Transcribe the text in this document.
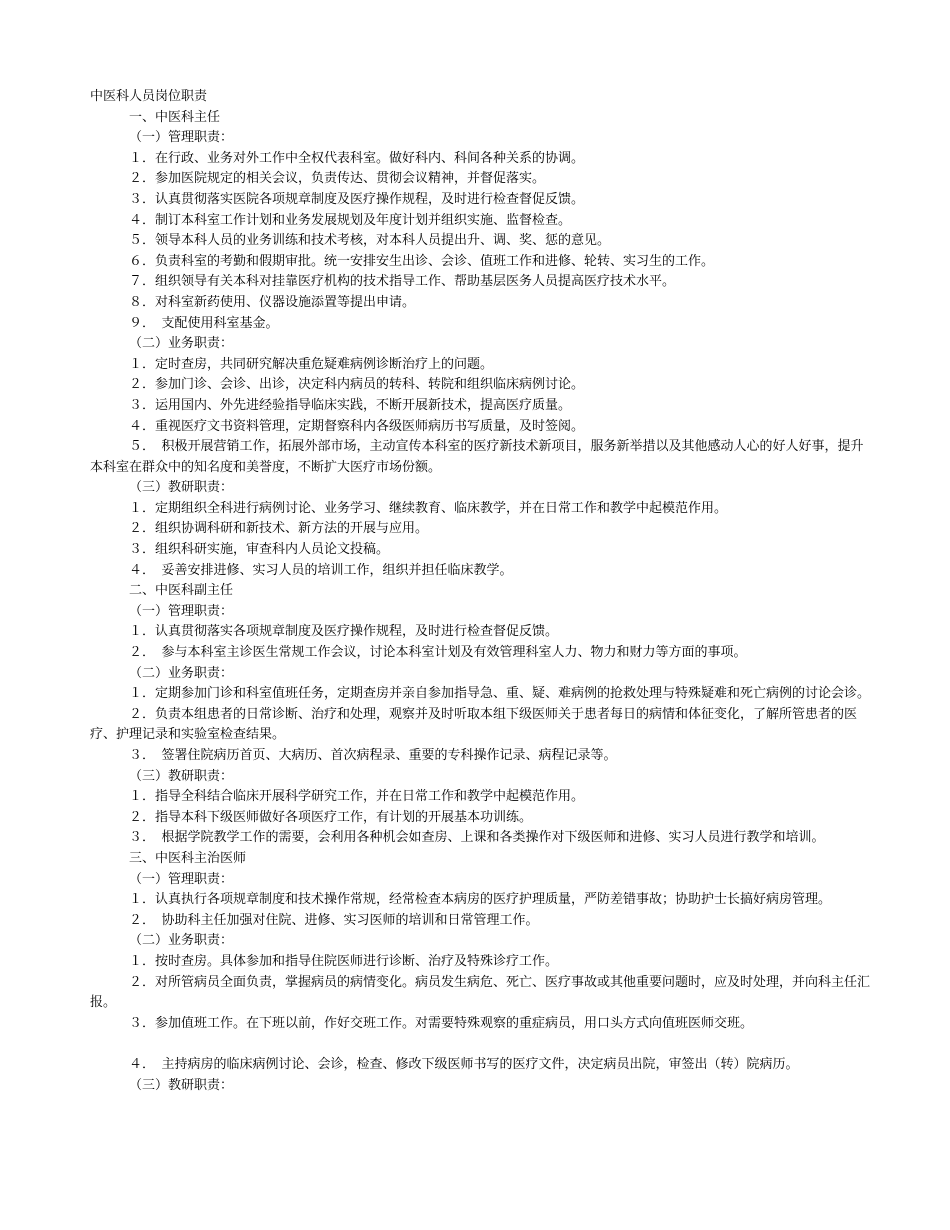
中医科人员岗位职责

一、中医科主任

（一）管理职责：

１．在行政、业务对外工作中全权代表科室。做好科内、科间各种关系的协调。

２．参加医院规定的相关会议，负责传达、贯彻会议精神，并督促落实。

３．认真贯彻落实医院各项规章制度及医疗操作规程，及时进行检查督促反馈。

４．制订本科室工作计划和业务发展规划及年度计划并组织实施、监督检查。

５．领导本科人员的业务训练和技术考核，对本科人员提出升、调、奖、惩的意见。

６．负责科室的考勤和假期审批。统一安排安生出诊、会诊、值班工作和进修、轮转、实习生的工作。

７．组织领导有关本科对挂靠医疗机构的技术指导工作、帮助基层医务人员提高医疗技术水平。

８．对科室新药使用、仪器设施添置等提出申请。

９．　支配使用科室基金。

（二）业务职责：

１．定时查房，共同研究解决重危疑难病例诊断治疗上的问题。

２．参加门诊、会诊、出诊，决定科内病员的转科、转院和组织临床病例讨论。

３．运用国内、外先进经验指导临床实践，不断开展新技术，提高医疗质量。

４．重视医疗文书资料管理，定期督察科内各级医师病历书写质量，及时签阅。

５．　积极开展营销工作，拓展外部市场，主动宣传本科室的医疗新技术新项目，服务新举措以及其他感动人心的好人好事，提升本科室在群众中的知名度和美誉度，不断扩大医疗市场份额。

（三）教研职责：

１．定期组织全科进行病例讨论、业务学习、继续教育、临床教学，并在日常工作和教学中起模范作用。

２．组织协调科研和新技术、新方法的开展与应用。

３．组织科研实施，审查科内人员论文投稿。

４．　妥善安排进修、实习人员的培训工作，组织并担任临床教学。

二、中医科副主任

（一）管理职责：

１．认真贯彻落实各项规章制度及医疗操作规程，及时进行检查督促反馈。

２．　参与本科室主诊医生常规工作会议，讨论本科室计划及有效管理科室人力、物力和财力等方面的事项。

（二）业务职责：

１．定期参加门诊和科室值班任务，定期查房并亲自参加指导急、重、疑、难病例的抢救处理与特殊疑难和死亡病例的讨论会诊。

２．负责本组患者的日常诊断、治疗和处理，观察并及时听取本组下级医师关于患者每日的病情和体征变化，了解所管患者的医疗、护理记录和实验室检查结果。

３．　签署住院病历首页、大病历、首次病程录、重要的专科操作记录、病程记录等。

（三）教研职责：

１．指导全科结合临床开展科学研究工作，并在日常工作和教学中起模范作用。

２．指导本科下级医师做好各项医疗工作，有计划的开展基本功训练。

３．　根据学院教学工作的需要，会利用各种机会如查房、上课和各类操作对下级医师和进修、实习人员进行教学和培训。

三、中医科主治医师

（一）管理职责：

１．认真执行各项规章制度和技术操作常规，经常检查本病房的医疗护理质量，严防差错事故；协助护士长搞好病房管理。

２．　协助科主任加强对住院、进修、实习医师的培训和日常管理工作。

（二）业务职责：

１．按时查房。具体参加和指导住院医师进行诊断、治疗及特殊诊疗工作。

２．对所管病员全面负责，掌握病员的病情变化。病员发生病危、死亡、医疗事故或其他重要问题时，应及时处理，并向科主任汇报。

３．参加值班工作。在下班以前，作好交班工作。对需要特殊观察的重症病员，用口头方式向值班医师交班。

４．　主持病房的临床病例讨论、会诊，检查、修改下级医师书写的医疗文件，决定病员出院，审签出（转）院病历。

（三）教研职责：
